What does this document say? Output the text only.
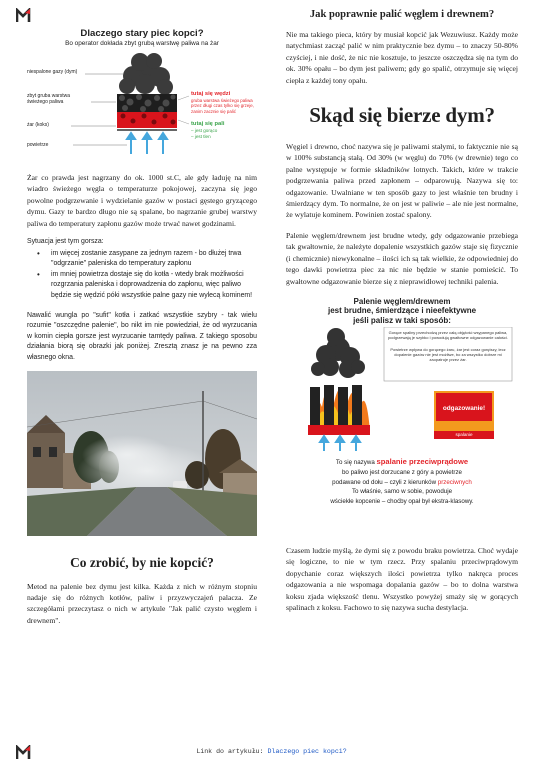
Dlaczego stary piec kopci?
Bo operator dokłada zbyt grubą warstwę paliwa na żar
niespalone gazy (dym)
zbyt gruba warstwa świeżego paliwa
żar (koks)
powietrze
tutaj się wędzi
gruba warstwa świeżego paliwa przez długi czas tylko się grzeje, zanim zacznie się palić
tutaj się pali
– jest gorąco
– jest tlen

Żar co prawda jest nagrzany do ok. 1000 st.C, ale gdy ładuję na nim wiadro świeżego węgla o temperaturze pokojowej, zaczyna się jego powolne podgrzewanie i wydzielanie gazów w postaci gęstego gryzącego dymu. Gazy te bardzo długo nie są spalane, bo nagrzanie grubej warstwy paliwa do temperatury zapłonu gazów może trwać nawet godzinami.

Sytuacja jest tym gorsza:

• im więcej zostanie zasypane za jednym razem - bo dłużej trwa "odgrzanie" paleniska do temperatury zapłonu
• im mniej powietrza dostaje się do kotła - wtedy brak możliwości rozgrzania paleniska i doprowadzenia do zapłonu, więc paliwo będzie się wędzić póki wszystkie palne gazy nie wylecą kominem!

Nawalić wungla po "sufit" kotła i zatkać wszystkie szybry - tak wielu rozumie "oszczędne palenie", bo nikt im nie powiedział, że od wyrzucania w komin ciepła gorsze jest wyrzucanie tamtędy paliwa. Z takiego sposobu działania biorą się obrazki jak poniżej. Zresztą znasz je na pewno zza własnego okna.

Co zrobić, by nie kopcić?

Metod na palenie bez dymu jest kilka. Każda z nich w różnym stopniu nadaje się do różnych kotłów, paliw i przyzwyczajeń palacza. Ze szczegółami przeczytasz o nich w artykule "Jak palić czysto węglem i drewnem".

Jak poprawnie palić węglem i drewnem?

Nie ma takiego pieca, który by musiał kopcić jak Wezuwiusz. Każdy może natychmiast zacząć palić w nim praktycznie bez dymu – to znaczy 50-80% czyściej, i nie dość, że nic nie kosztuje, to jeszcze oszczędza się na tym do ok. 30% opału – bo dym jest paliwem; gdy go spalić, otrzymuje się więcej ciepła z każdej tony opału.

Skąd się bierze dym?

Węgiel i drewno, choć nazywa się je paliwami stałymi, to faktycznie nie są w 100% substancją stałą. Od 30% (w węglu) do 70% (w drewnie) tego co palne występuje w formie składników lotnych. Takich, które w trakcie podgrzewania paliwa przed zapłonem – odparowują. Nazywa się to: odgazowanie. Uwalniane w ten sposób gazy to jest właśnie ten brudny i śmierdzący dym. To normalne, że on jest w paliwie – ale nie jest normalne, że wylatuje kominem. Powinien zostać spalony.

Palenie węglem/drewnem jest brudne wtedy, gdy odgazowanie przebiega tak gwałtownie, że należyte dopalenie wszystkich gazów staje się fizycznie (i chemicznie) niewykonalne – ilości ich są tak wielkie, że odpowiedniej do tego dawki powietrza piec za nic nie będzie w stanie pomieścić. To gwałtowne odgazowanie bierze się z nieprawidłowej techniki palenia.

Palenie węglem/drewnem
jest brudne, śmierdzące i nieefektywne
jeśli palisz w taki sposób:
Gorące spaliny przechodzą przez całą objętość wsypanego paliwa, podgrzewają je szybko i powodują gwałtowne odgazowanie całości.
Powietrze wpływa do gorącego żaru, żar jest coraz gorętszy, lecz dopalenie gazów nie jest możliwe, bo za wszystko dobrze mi zaopatruje przez żar.
odgazowanie!
spalanie
To się nazywa spalanie przeciwprądowe
bo paliwo jest dorzucane z góry a powietrze
podawane od dołu – czyli z kierunków przeciwnych
To właśnie, samo w sobie, powoduje
wściekłe kopcenie – choćby opał był ekstra-klasowy.

Czasem ludzie myślą, że dymi się z powodu braku powietrza. Choć wydaje się logiczne, to nie w tym rzecz. Przy spalaniu przeciwprądowym dopychanie coraz większych ilości powietrza tylko nakręca proces odgazowania a nie wspomaga dopalania gazów – bo to dolna warstwa koksu zjada większość tlenu. Wszystko powyżej smaży się w gorących spalinach z koksu. Fachowo to się nazywa sucha destylacja.

Link do artykułu: Dlaczego piec kopci?
